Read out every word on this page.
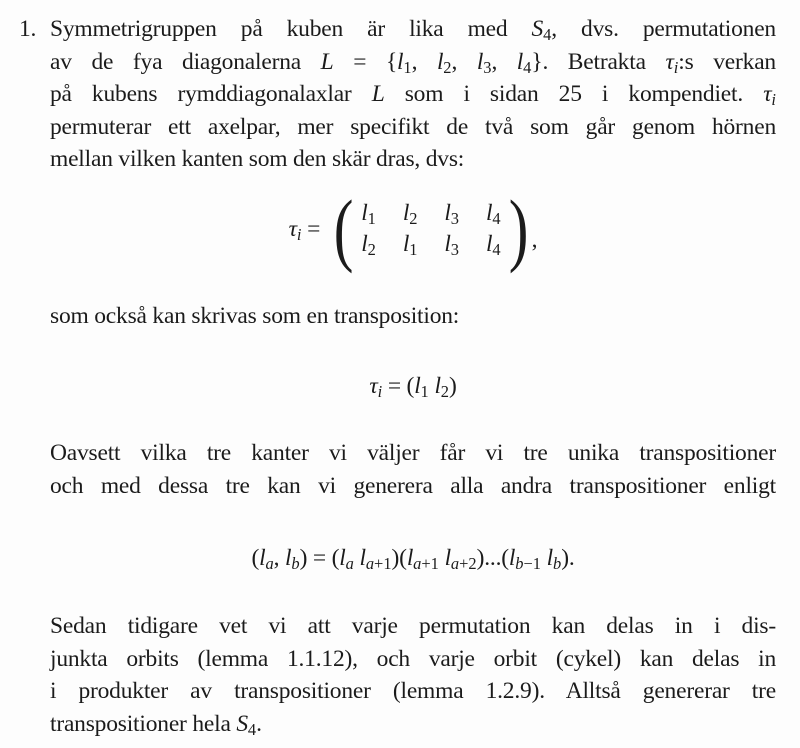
1. Symmetrigruppen på kuben är lika med $S_4$, dvs. permutationen
av de fya diagonalerna $L = \{l_1$, $l_2$, $l_3$, $l_4$}. Betrakta $\tau_i:s$ verkan
på kubens rymddiagonalaxlar L som i sidan 25 i kompendiet. $\tau_i$
permuterar ett axelpar, mer specifikt de två som går genom hörnen
mellan vilken kanten som den skär dras, dvs:
$\tau_i$ = ( $l_1$ $l_2$ $l_3$ $l_4$
$l_2$ $l_1$ $l_3$ $l_4$ ) ,
som också kan skrivas som en transposition:
$\tau_i = (l_1$ $l_2$)
Oavsett vilka tre kanter vi väljer får vi tre unika transpositioner
och med dessa tre kan vi generera alla andra transpositioner enligt
($l_a$, $l_b) = (l_a$ $l_{a+1})(l_{a+1}$ $l_{a+2})...(l_{b-1}$ $l_b$).
Sedan tidigare vet vi att varje permutation kan delas in i dis-
junkta orbits (lemma 1.1.12), och varje orbit (cykel) kan delas in
i produkter av transpositioner (lemma 1.2.9). Alltså genererar tre
transpositioner hela $S_4$.
